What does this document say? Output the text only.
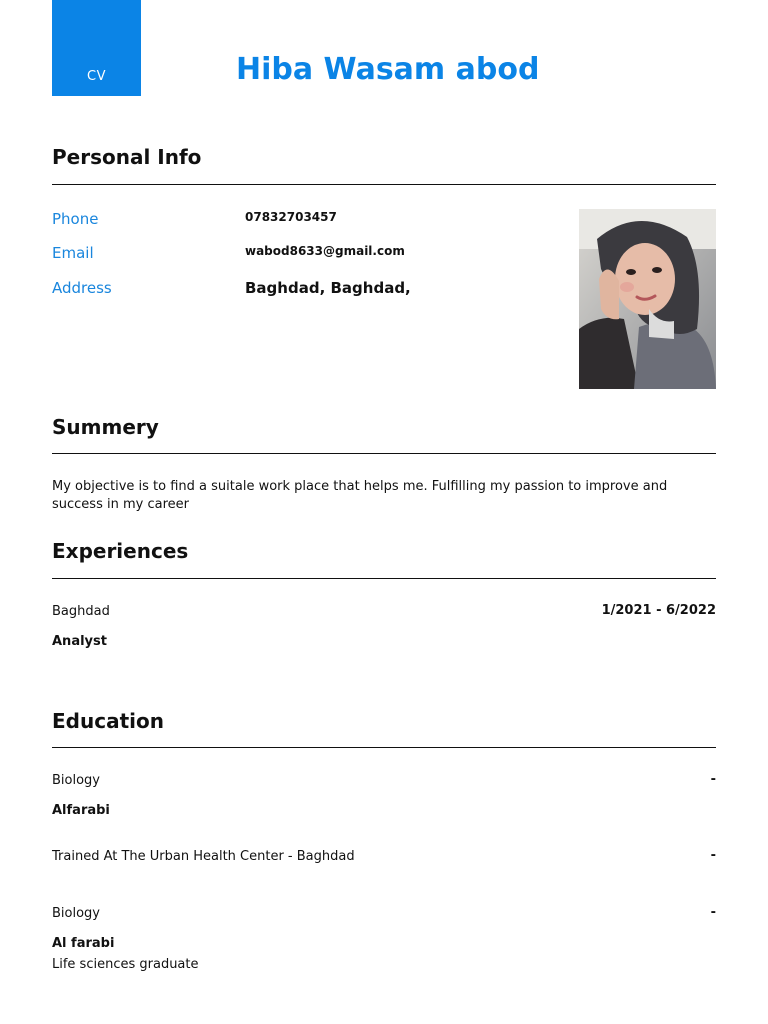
CV	Hiba Wasam abod
Personal Info
Phone	07832703457
Email	wabod8633@gmail.com
Address	Baghdad, Baghdad,
Summery
My objective is to find a suitale work place that helps me. Fulfilling my passion to improve and success in my career
Experiences
Baghdad	1/2021 - 6/2022
Analyst
Education
Biology	-
Alfarabi
Trained At The Urban Health Center - Baghdad	-
Biology	-
Al farabi
Life sciences graduate
